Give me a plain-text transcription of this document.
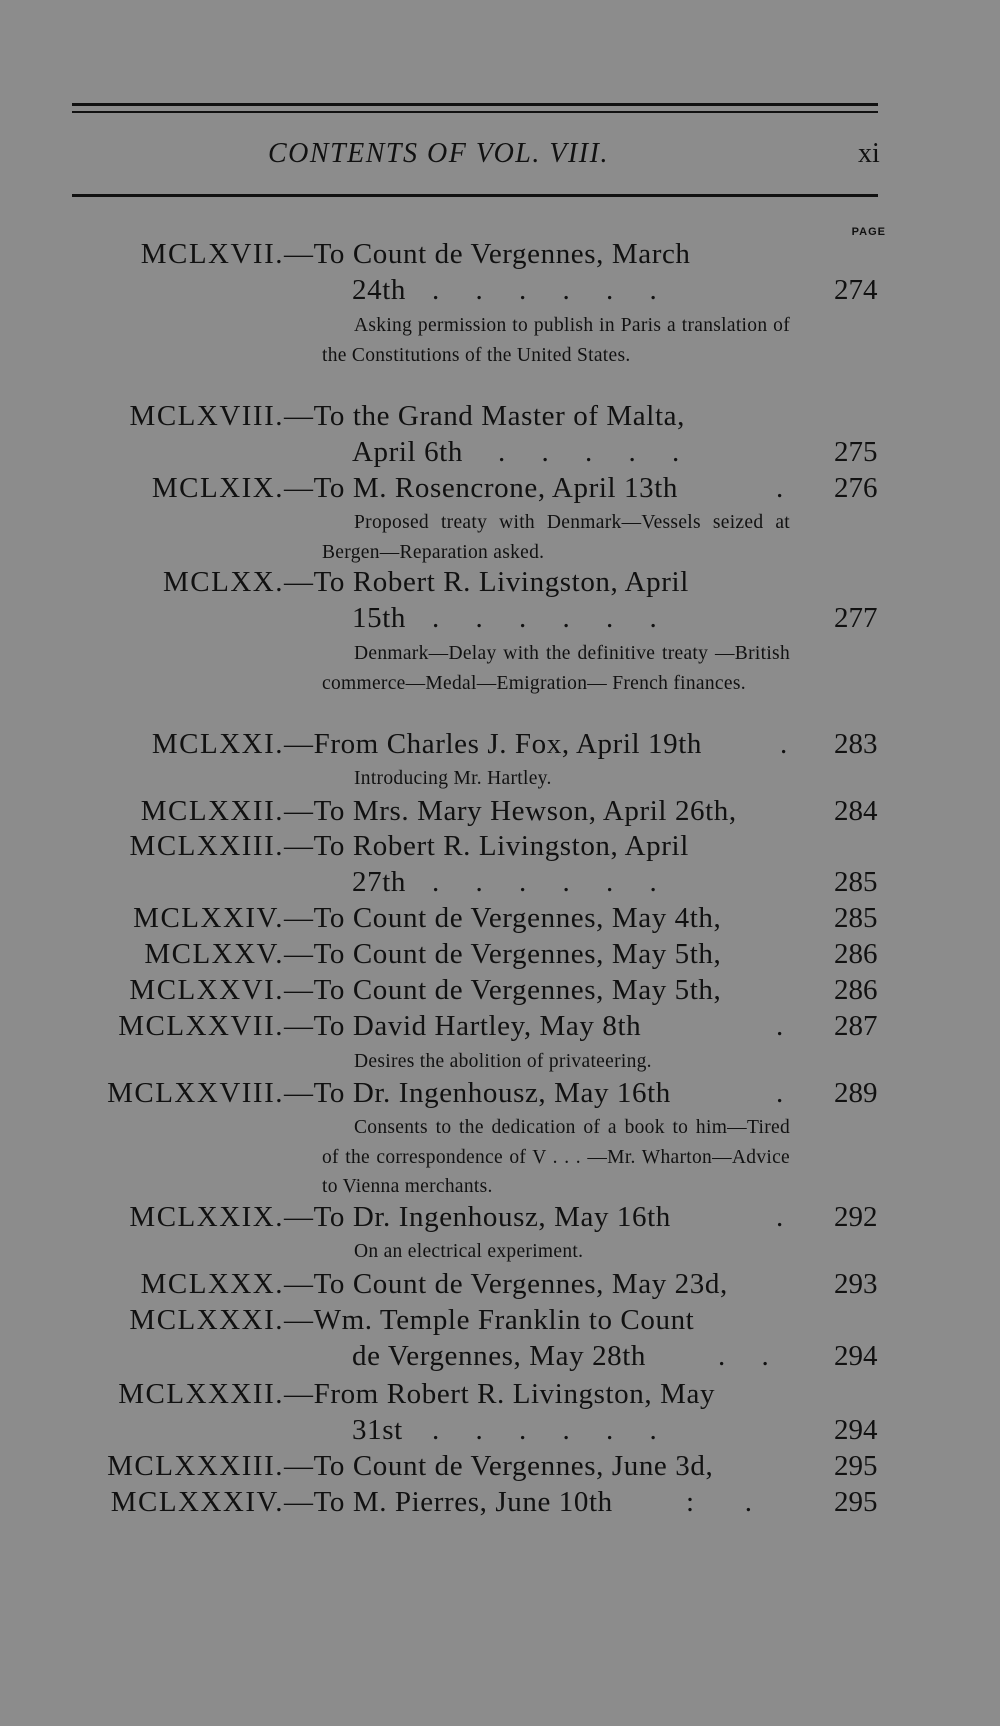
CONTENTS OF VOL. VIII.	xi
PAGE
MCLXVII. —To Count de Vergennes, March
24th .     .     .     .     .     .	274
Asking permission to publish in Paris a translation of the Constitutions of the United States.
MCLXVIII. —To the Grand Master of Malta,
April 6th .     .     .     .     .	275
MCLXIX. —To M. Rosencrone, April 13th	. 276
Proposed treaty with Denmark—Vessels seized at Bergen—Reparation asked.
MCLXX. —To Robert R. Livingston, April
15th .     .     .     .     .     .	277
Denmark—Delay with the definitive treaty —British commerce—Medal—Emigration— French finances.
MCLXXI. —From Charles J. Fox, April 19th	. 283
Introducing Mr. Hartley.
MCLXXII. —To Mrs. Mary Hewson, April 26th,	284
MCLXXIII. —To Robert R. Livingston, April
27th .     .     .     .     .     .	285
MCLXXIV. —To Count de Vergennes, May 4th,	285
MCLXXV. —To Count de Vergennes, May 5th,	286
MCLXXVI. —To Count de Vergennes, May 5th,	286
MCLXXVII. —To David Hartley, May 8th	. 287
Desires the abolition of privateering.
MCLXXVIII. —To Dr. Ingenhousz, May 16th	. 289
Consents to the dedication of a book to him—Tired of the correspondence of V . . . —Mr. Wharton—Advice to Vienna merchants.
MCLXXIX. —To Dr. Ingenhousz, May 16th	. 292
On an electrical experiment.
MCLXXX. —To Count de Vergennes, May 23d,	293
MCLXXXI. —Wm. Temple Franklin to Count
de Vergennes, May 28th .     . 294
MCLXXXII. —From Robert R. Livingston, May
31st .     .     .     .     .     .	294
MCLXXXIII. —To Count de Vergennes, June 3d,	295
MCLXXXIV. —To M. Pierres, June 10th	:       .	295
